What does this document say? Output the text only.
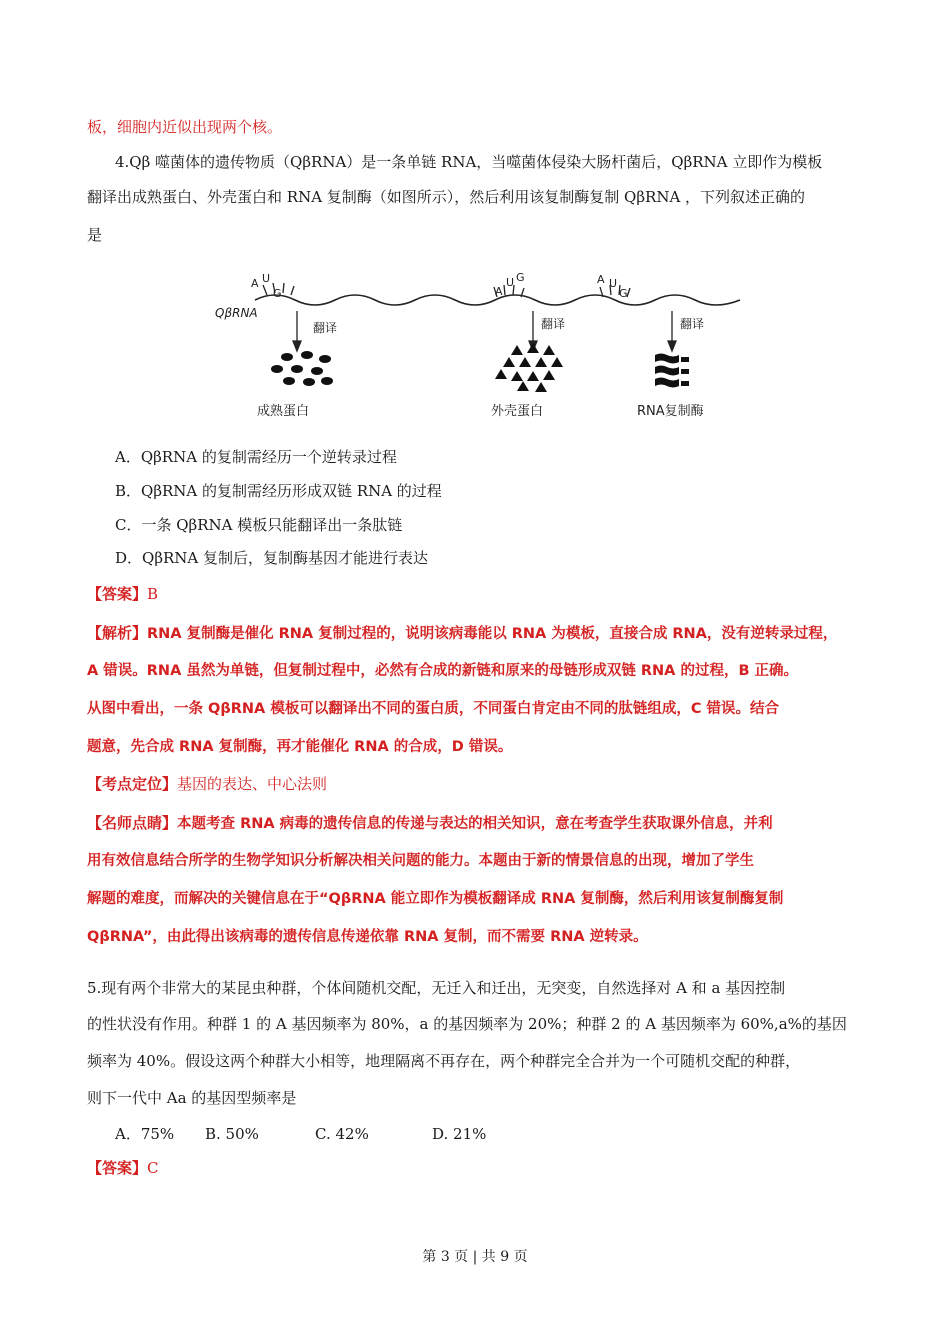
板，细胞内近似出现两个核。
4.Qβ 噬菌体的遗传物质（QβRNA）是一条单链 RNA，当噬菌体侵染大肠杆菌后，QβRNA 立即作为模板
翻译出成熟蛋白、外壳蛋白和 RNA 复制酶（如图所示），然后利用该复制酶复制 QβRNA ，下列叙述正确的
是
A U
G	A
U G	A U
G
QβRNA
翻译	翻译	翻译
成熟蛋白	外壳蛋白	RNA复制酶
A．QβRNA 的复制需经历一个逆转录过程
B．QβRNA 的复制需经历形成双链 RNA 的过程
C．一条 QβRNA 模板只能翻译出一条肽链
D．QβRNA 复制后，复制酶基因才能进行表达
【答案】B
【解析】RNA 复制酶是催化 RNA 复制过程的，说明该病毒能以 RNA 为模板，直接合成 RNA，没有逆转录过程，
A 错误。RNA 虽然为单链，但复制过程中，必然有合成的新链和原来的母链形成双链 RNA 的过程，B 正确。
从图中看出，一条 QβRNA 模板可以翻译出不同的蛋白质，不同蛋白肯定由不同的肽链组成，C 错误。结合
题意，先合成 RNA 复制酶，再才能催化 RNA 的合成，D 错误。
【考点定位】基因的表达、中心法则
【名师点睛】本题考查 RNA 病毒的遗传信息的传递与表达的相关知识，意在考查学生获取课外信息，并利
用有效信息结合所学的生物学知识分析解决相关问题的能力。本题由于新的情景信息的出现，增加了学生
解题的难度，而解决的关键信息在于“QβRNA 能立即作为模板翻译成 RNA 复制酶，然后利用该复制酶复制
QβRNA”，由此得出该病毒的遗传信息传递依靠 RNA 复制，而不需要 RNA 逆转录。
5.现有两个非常大的某昆虫种群，个体间随机交配，无迁入和迁出，无突变，自然选择对 A 和 a 基因控制
的性状没有作用。种群 1 的 A 基因频率为 80%，a 的基因频率为 20%；种群 2 的 A 基因频率为 60%,a%的基因
频率为 40%。假设这两个种群大小相等，地理隔离不再存在，两个种群完全合并为一个可随机交配的种群，
则下一代中 Aa 的基因型频率是
A．75% B. 50%	C. 42%	D. 21%
【答案】C
第 3 页 | 共 9 页
